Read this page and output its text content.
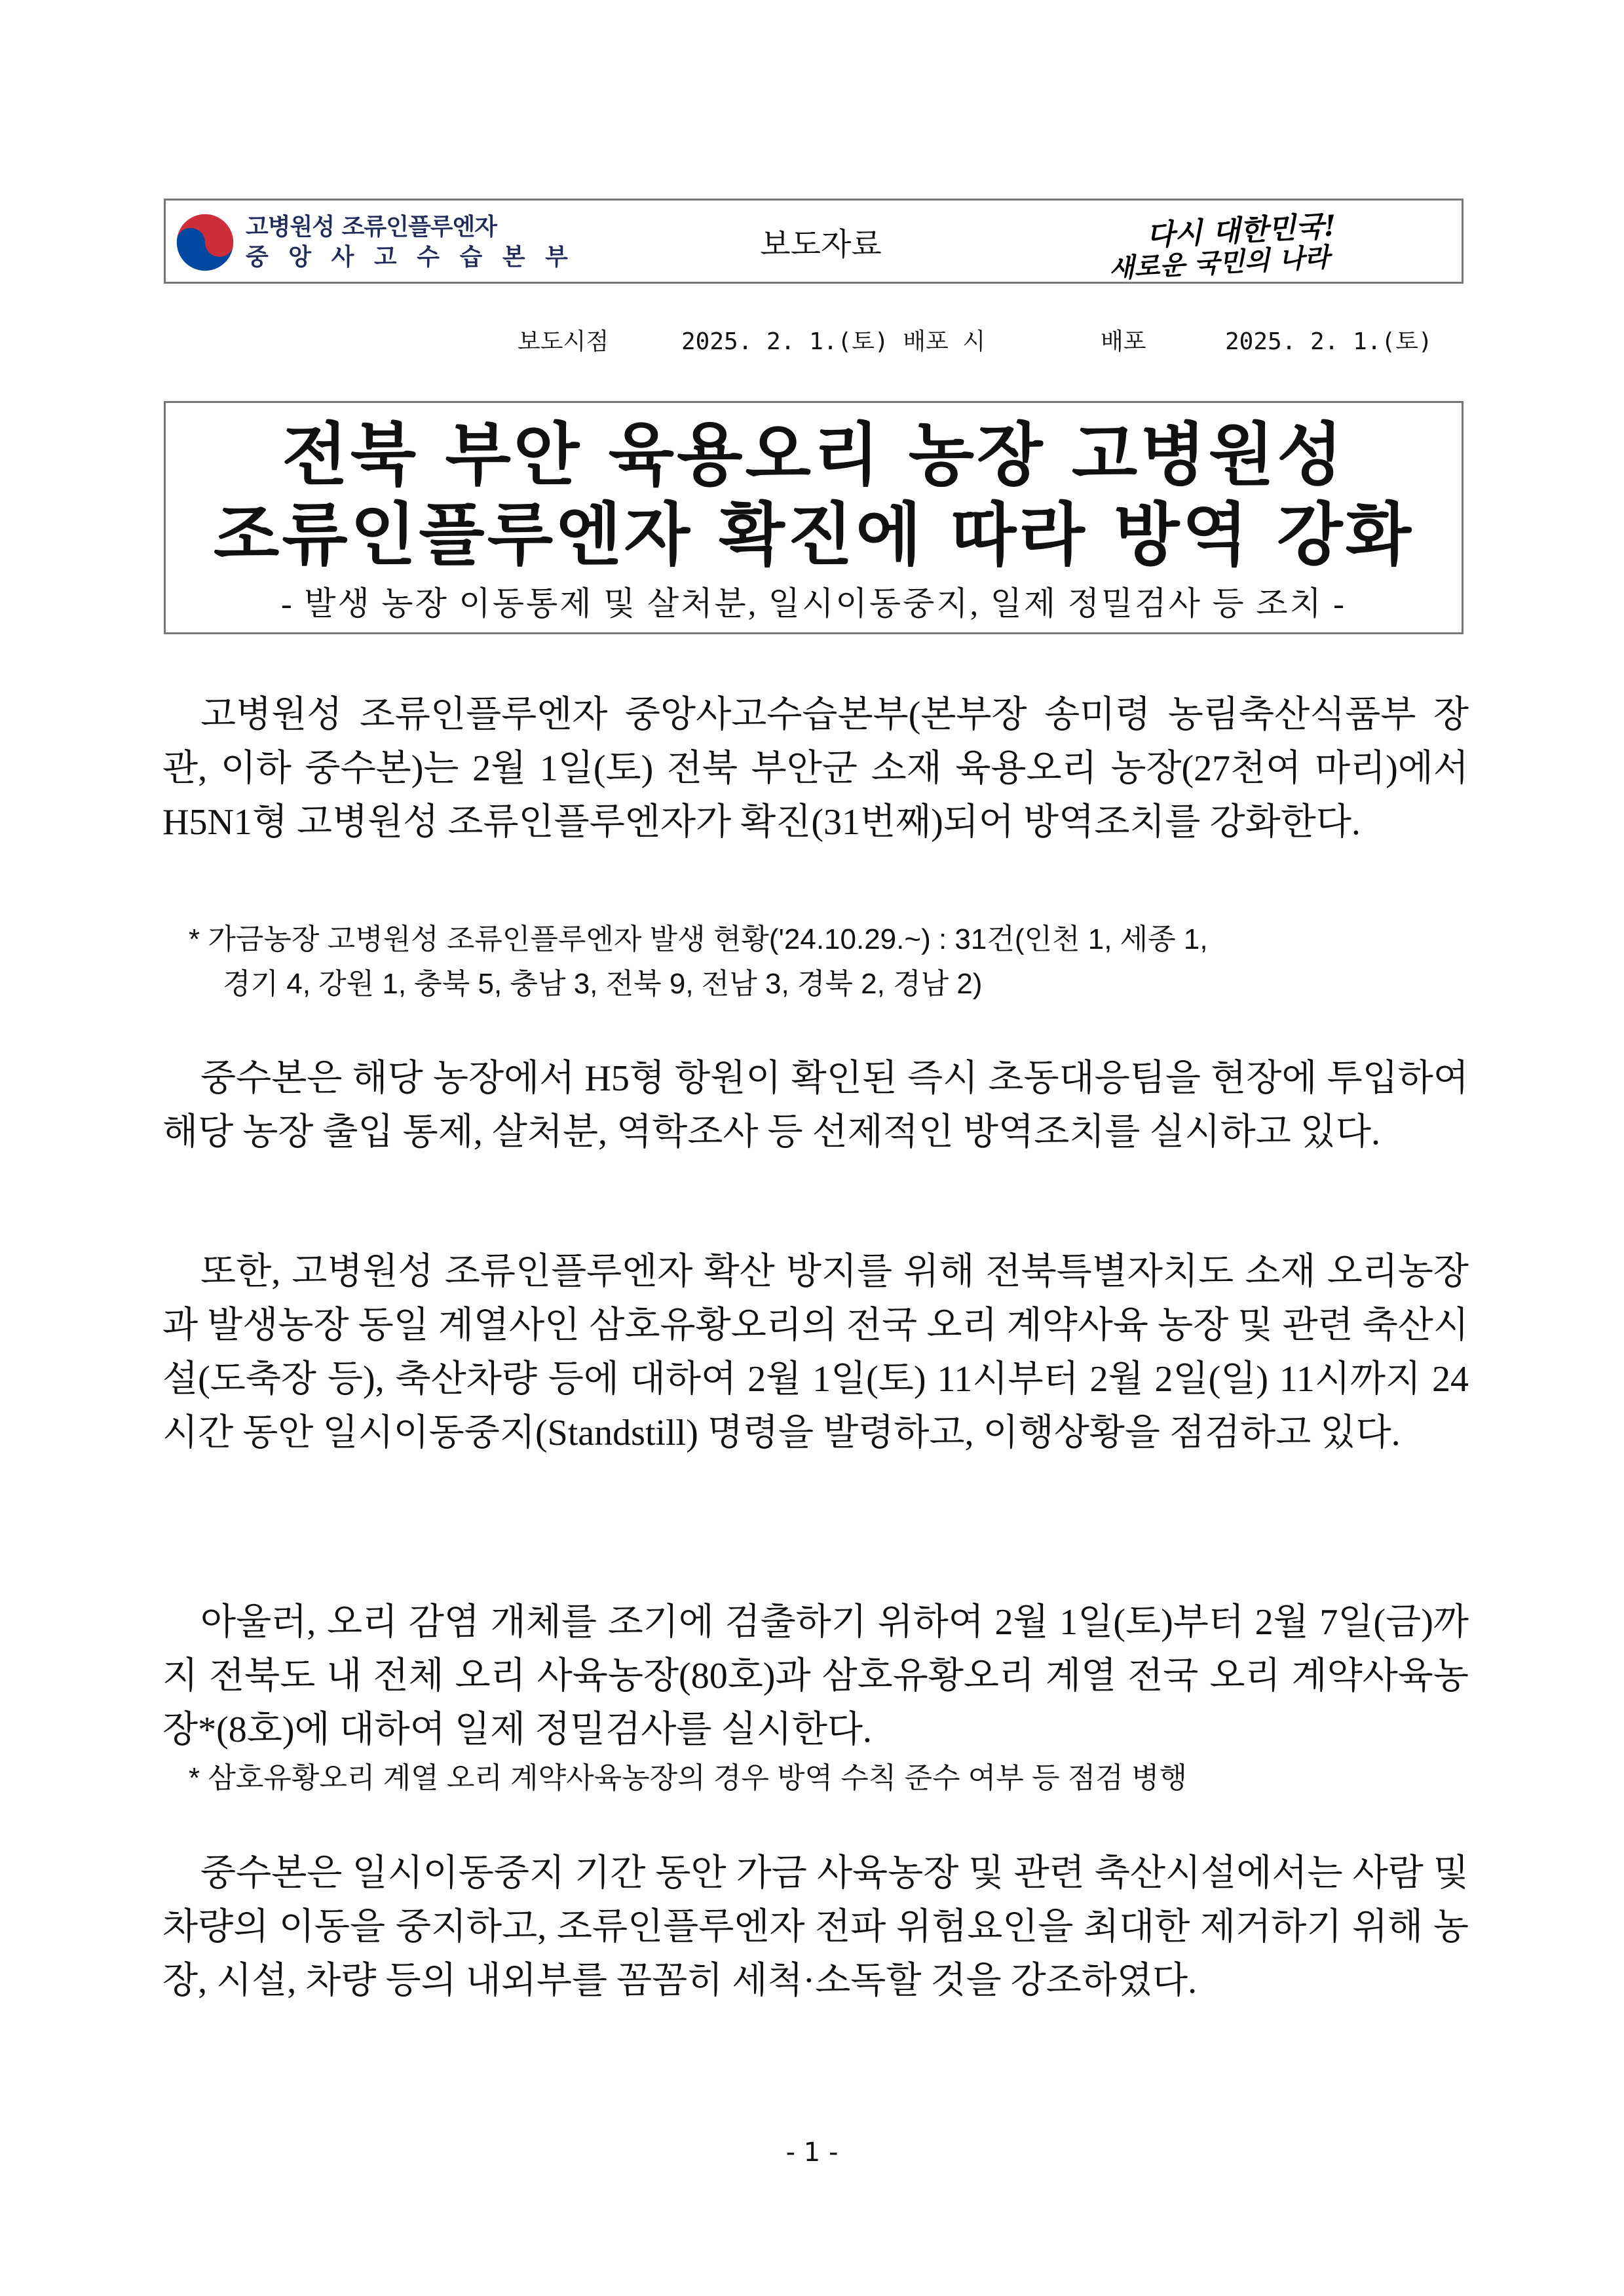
고병원성 조류인플루엔자
중 앙 사 고 수 습 본 부	보도자료	다시 대한민국!
새로운 국민의 나라

보도시점

	2025. 2. 1.(토) 배포 시

	배포

	2025. 2. 1.(토)

전북 부안 육용오리 농장 고병원성
조류인플루엔자 확진에 따라 방역 강화
- 발생 농장 이동통제 및 살처분, 일시이동중지, 일제 정밀검사 등 조치 -

고병원성 조류인플루엔자 중앙사고수습본부(본부장 송미령 농림축산식품부 장관, 이하 중수본)는 2월 1일(토) 전북 부안군 소재 육용오리 농장(27천여 마리)에서 H5N1형 고병원성 조류인플루엔자가 확진(31번째)되어 방역조치를 강화한다.

* 가금농장 고병원성 조류인플루엔자 발생 현황('24.10.29.~) : 31건(인천 1, 세종 1,

경기 4, 강원 1, 충북 5, 충남 3, 전북 9, 전남 3, 경북 2, 경남 2)

중수본은 해당 농장에서 H5형 항원이 확인된 즉시 초동대응팀을 현장에 투입하여 해당 농장 출입 통제, 살처분, 역학조사 등 선제적인 방역조치를 실시하고 있다.

또한, 고병원성 조류인플루엔자 확산 방지를 위해 전북특별자치도 소재 오리농장과 발생농장 동일 계열사인 삼호유황오리의 전국 오리 계약사육 농장 및 관련 축산시설(도축장 등), 축산차량 등에 대하여 2월 1일(토) 11시부터 2월 2일(일) 11시까지 24시간 동안 일시이동중지(Standstill) 명령을 발령하고, 이행상황을 점검하고 있다.

아울러, 오리 감염 개체를 조기에 검출하기 위하여 2월 1일(토)부터 2월 7일(금)까지 전북도 내 전체 오리 사육농장(80호)과 삼호유황오리 계열 전국 오리 계약사육농장*(8호)에 대하여 일제 정밀검사를 실시한다.

* 삼호유황오리 계열 오리 계약사육농장의 경우 방역 수칙 준수 여부 등 점검 병행

중수본은 일시이동중지 기간 동안 가금 사육농장 및 관련 축산시설에서는 사람 및 차량의 이동을 중지하고, 조류인플루엔자 전파 위험요인을 최대한 제거하기 위해 농장, 시설, 차량 등의 내외부를 꼼꼼히 세척·소독할 것을 강조하였다.

- 1 -
